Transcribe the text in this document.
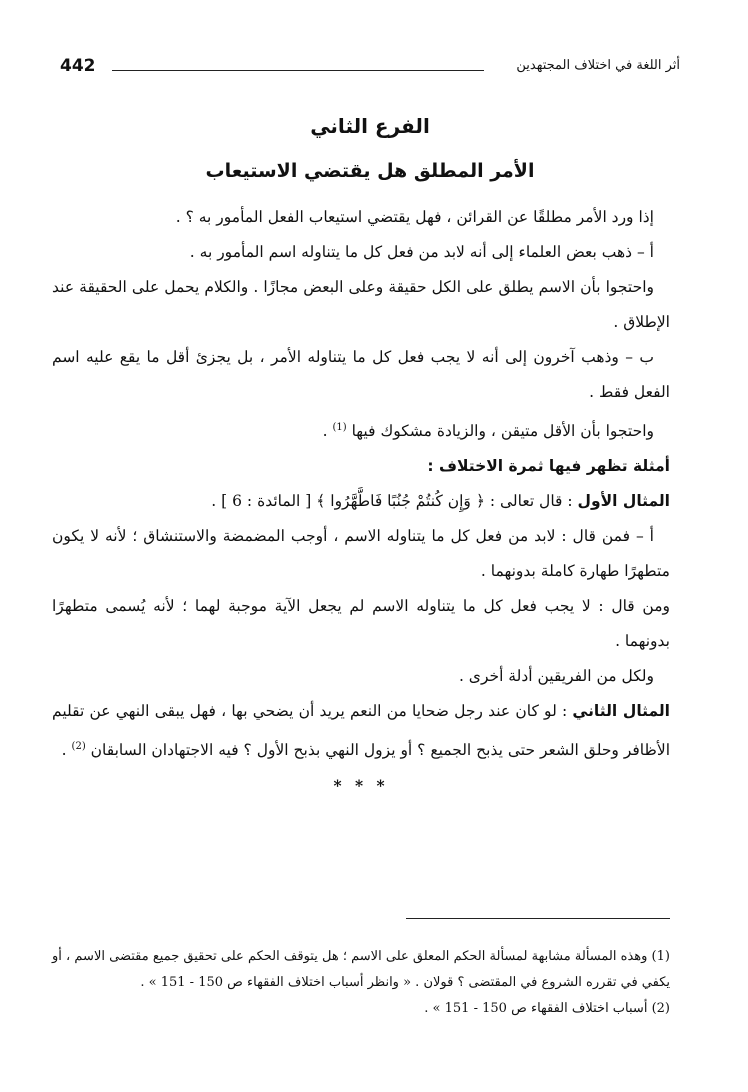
442	أثر اللغة في اختلاف المجتهدين
الفرع الثاني
الأمر المطلق هل يقتضي الاستيعاب

إذا ورد الأمر مطلقًا عن القرائن ، فهل يقتضي استيعاب الفعل المأمور به ؟ .

أ – ذهب بعض العلماء إلى أنه لابد من فعل كل ما يتناوله اسم المأمور به .

واحتجوا بأن الاسم يطلق على الكل حقيقة وعلى البعض مجازًا . والكلام يحمل على الحقيقة عند الإطلاق .

ب – وذهب آخرون إلى أنه لا يجب فعل كل ما يتناوله الأمر ، بل يجزئ أقل ما يقع عليه اسم الفعل فقط .

واحتجوا بأن الأقل متيقن ، والزيادة مشكوك فيها $^{(1)}$ .

أمثلة تظهر فيها ثمرة الاختلاف :

المثال الأول : قال تعالى : ﴿ وَإِن كُنتُمْ جُنُبًا فَاطَّهَّرُوا ﴾ [ المائدة : 6 ] .

أ – فمن قال : لابد من فعل كل ما يتناوله الاسم ، أوجب المضمضة والاستنشاق ؛ لأنه لا يكون متطهرًا طهارة كاملة بدونهما .

ومن قال : لا يجب فعل كل ما يتناوله الاسم لم يجعل الآية موجبة لهما ؛ لأنه يُسمى متطهرًا بدونهما .

ولكل من الفريقين أدلة أخرى .

المثال الثاني : لو كان عند رجل ضحايا من النعم يريد أن يضحي بها ، فهل يبقى النهي عن تقليم الأظافر وحلق الشعر حتى يذبح الجميع ؟ أو يزول النهي بذبح الأول ؟ فيه الاجتهادان السابقان $^{(2)}$ .

* * *

(1) وهذه المسألة مشابهة لمسألة الحكم المعلق على الاسم ؛ هل يتوقف الحكم على تحقيق جميع مقتضى الاسم ، أو يكفي في تقرره الشروع في المقتضى ؟ قولان . « وانظر أسباب اختلاف الفقهاء ص 150 - 151 » .

(2) أسباب اختلاف الفقهاء ص 150 - 151 » .
